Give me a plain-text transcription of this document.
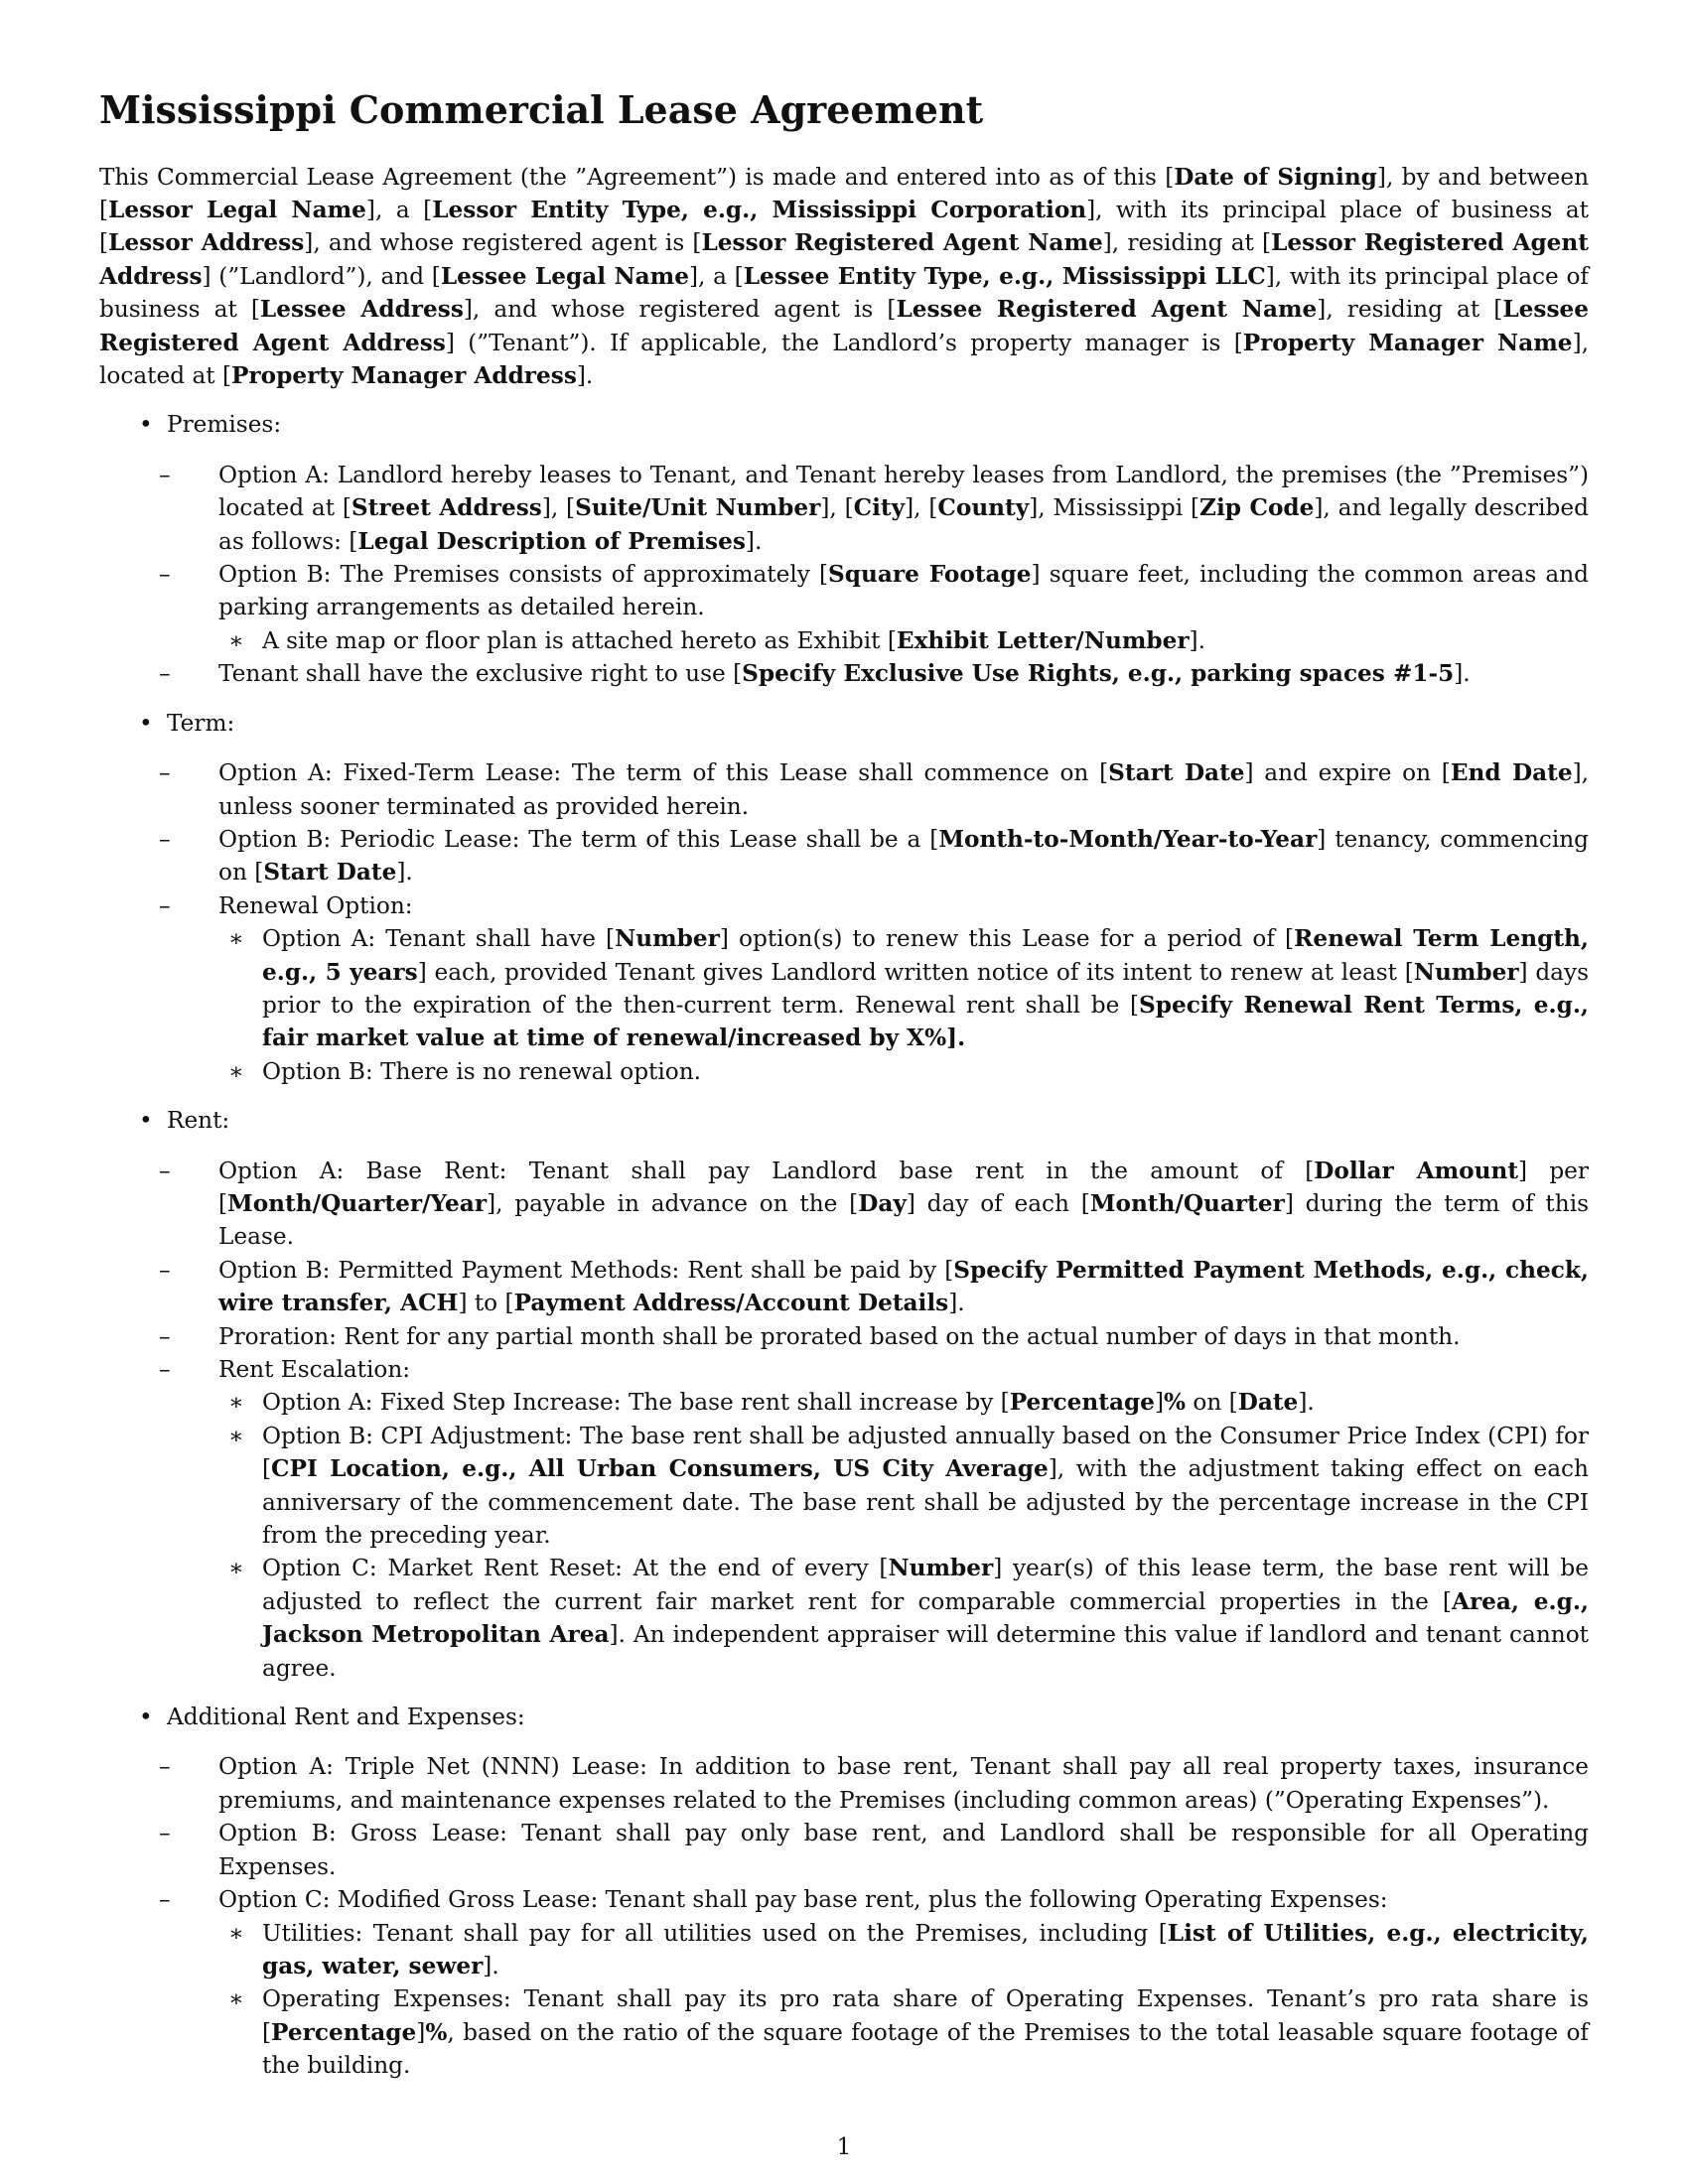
Mississippi Commercial Lease Agreement

This Commercial Lease Agreement (the ”Agreement”) is made and entered into as of this [Date of Signing], by and between [Lessor Legal Name], a [Lessor Entity Type, e.g., Mississippi Corporation], with its principal place of business at [Lessor Address], and whose registered agent is [Lessor Registered Agent Name], residing at [Lessor Registered Agent Address] (”Landlord”), and [Lessee Legal Name], a [Lessee Entity Type, e.g., Mississippi LLC], with its principal place of business at [Lessee Address], and whose registered agent is [Lessee Registered Agent Name], residing at [Lessee Registered Agent Address] (”Tenant”). If applicable, the Landlord’s property manager is [Property Manager Name], located at [Property Manager Address].

• Premises:
– Option A: Landlord hereby leases to Tenant, and Tenant hereby leases from Landlord, the premises (the ”Premises”) located at [Street Address], [Suite/Unit Number], [City], [County], Mississippi [Zip Code], and legally described as follows: [Legal Description of Premises].
– Option B: The Premises consists of approximately [Square Footage] square feet, including the common areas and parking arrangements as detailed herein.
∗ A site map or floor plan is attached hereto as Exhibit [Exhibit Letter/Number].
– Tenant shall have the exclusive right to use [Specify Exclusive Use Rights, e.g., parking spaces #1-5].
• Term:
– Option A: Fixed-Term Lease: The term of this Lease shall commence on [Start Date] and expire on [End Date], unless sooner terminated as provided herein.
– Option B: Periodic Lease: The term of this Lease shall be a [Month-to-Month/Year-to-Year] tenancy, commencing on [Start Date].
– Renewal Option:
∗ Option A: Tenant shall have [Number] option(s) to renew this Lease for a period of [Renewal Term Length, e.g., 5 years] each, provided Tenant gives Landlord written notice of its intent to renew at least [Number] days prior to the expiration of the then-current term. Renewal rent shall be [Specify Renewal Rent Terms, e.g., fair market value at time of renewal/increased by X%].
∗ Option B: There is no renewal option.
• Rent:
– Option A: Base Rent: Tenant shall pay Landlord base rent in the amount of [Dollar Amount] per [Month/Quarter/Year], payable in advance on the [Day] day of each [Month/Quarter] during the term of this Lease.
– Option B: Permitted Payment Methods: Rent shall be paid by [Specify Permitted Payment Methods, e.g., check, wire transfer, ACH] to [Payment Address/Account Details].
– Proration: Rent for any partial month shall be prorated based on the actual number of days in that month.
– Rent Escalation:
∗ Option A: Fixed Step Increase: The base rent shall increase by [Percentage]% on [Date].
∗ Option B: CPI Adjustment: The base rent shall be adjusted annually based on the Consumer Price Index (CPI) for [CPI Location, e.g., All Urban Consumers, US City Average], with the adjustment taking effect on each anniversary of the commencement date. The base rent shall be adjusted by the percentage increase in the CPI from the preceding year.
∗ Option C: Market Rent Reset: At the end of every [Number] year(s) of this lease term, the base rent will be adjusted to reflect the current fair market rent for comparable commercial properties in the [Area, e.g., Jackson Metropolitan Area]. An independent appraiser will determine this value if landlord and tenant cannot agree.
• Additional Rent and Expenses:
– Option A: Triple Net (NNN) Lease: In addition to base rent, Tenant shall pay all real property taxes, insurance premiums, and maintenance expenses related to the Premises (including common areas) (”Operating Expenses”).
– Option B: Gross Lease: Tenant shall pay only base rent, and Landlord shall be responsible for all Operating Expenses.
– Option C: Modified Gross Lease: Tenant shall pay base rent, plus the following Operating Expenses:
∗ Utilities: Tenant shall pay for all utilities used on the Premises, including [List of Utilities, e.g., electricity, gas, water, sewer].
∗ Operating Expenses: Tenant shall pay its pro rata share of Operating Expenses. Tenant’s pro rata share is [Percentage]%, based on the ratio of the square footage of the Premises to the total leasable square footage of the building.
1
